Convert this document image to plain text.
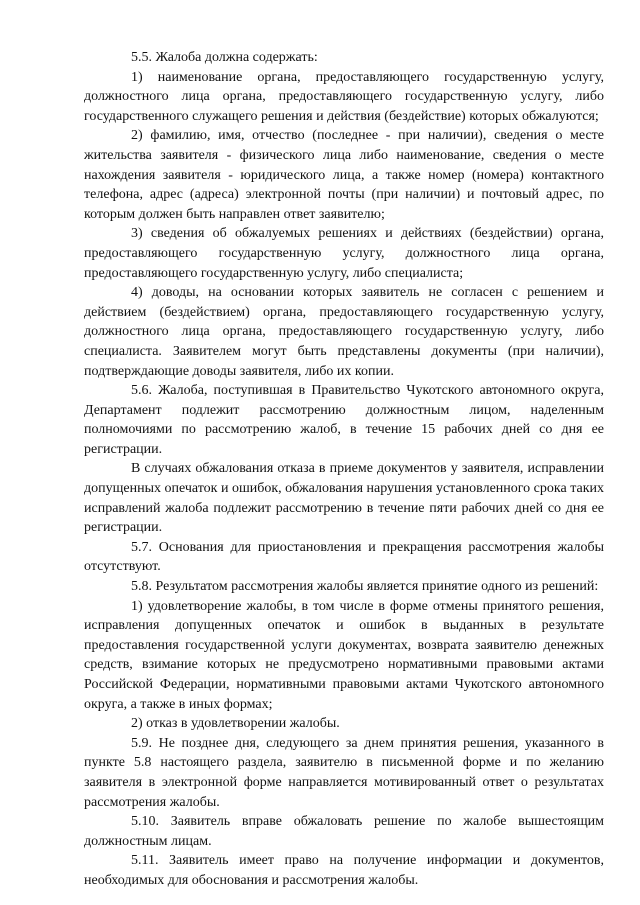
5.5. Жалоба должна содержать:

1) наименование органа, предоставляющего государственную услугу, должностного лица органа, предоставляющего государственную услугу, либо государственного служащего решения и действия (бездействие) которых обжалуются;

2) фамилию, имя, отчество (последнее - при наличии), сведения о месте жительства заявителя - физического лица либо наименование, сведения о месте нахождения заявителя - юридического лица, а также номер (номера) контактного телефона, адрес (адреса) электронной почты (при наличии) и почтовый адрес, по которым должен быть направлен ответ заявителю;

3) сведения об обжалуемых решениях и действиях (бездействии) органа, предоставляющего государственную услугу, должностного лица органа, предоставляющего государственную услугу, либо специалиста;

4) доводы, на основании которых заявитель не согласен с решением и действием (бездействием) органа, предоставляющего государственную услугу, должностного лица органа, предоставляющего государственную услугу, либо специалиста. Заявителем могут быть представлены документы (при наличии), подтверждающие доводы заявителя, либо их копии.

5.6. Жалоба, поступившая в Правительство Чукотского автономного округа, Департамент подлежит рассмотрению должностным лицом, наделенным полномочиями по рассмотрению жалоб, в течение 15 рабочих дней со дня ее регистрации.

В случаях обжалования отказа в приеме документов у заявителя, исправлении допущенных опечаток и ошибок, обжалования нарушения установленного срока таких исправлений жалоба подлежит рассмотрению в течение пяти рабочих дней со дня ее регистрации.

5.7. Основания для приостановления и прекращения рассмотрения жалобы отсутствуют.

5.8. Результатом рассмотрения жалобы является принятие одного из решений:

1) удовлетворение жалобы, в том числе в форме отмены принятого решения, исправления допущенных опечаток и ошибок в выданных в результате предоставления государственной услуги документах, возврата заявителю денежных средств, взимание которых не предусмотрено нормативными правовыми актами Российской Федерации, нормативными правовыми актами Чукотского автономного округа, а также в иных формах;

2) отказ в удовлетворении жалобы.

5.9. Не позднее дня, следующего за днем принятия решения, указанного в пункте 5.8 настоящего раздела, заявителю в письменной форме и по желанию заявителя в электронной форме направляется мотивированный ответ о результатах рассмотрения жалобы.

5.10. Заявитель вправе обжаловать решение по жалобе вышестоящим должностным лицам.

5.11. Заявитель имеет право на получение информации и документов, необходимых для обоснования и рассмотрения жалобы.
